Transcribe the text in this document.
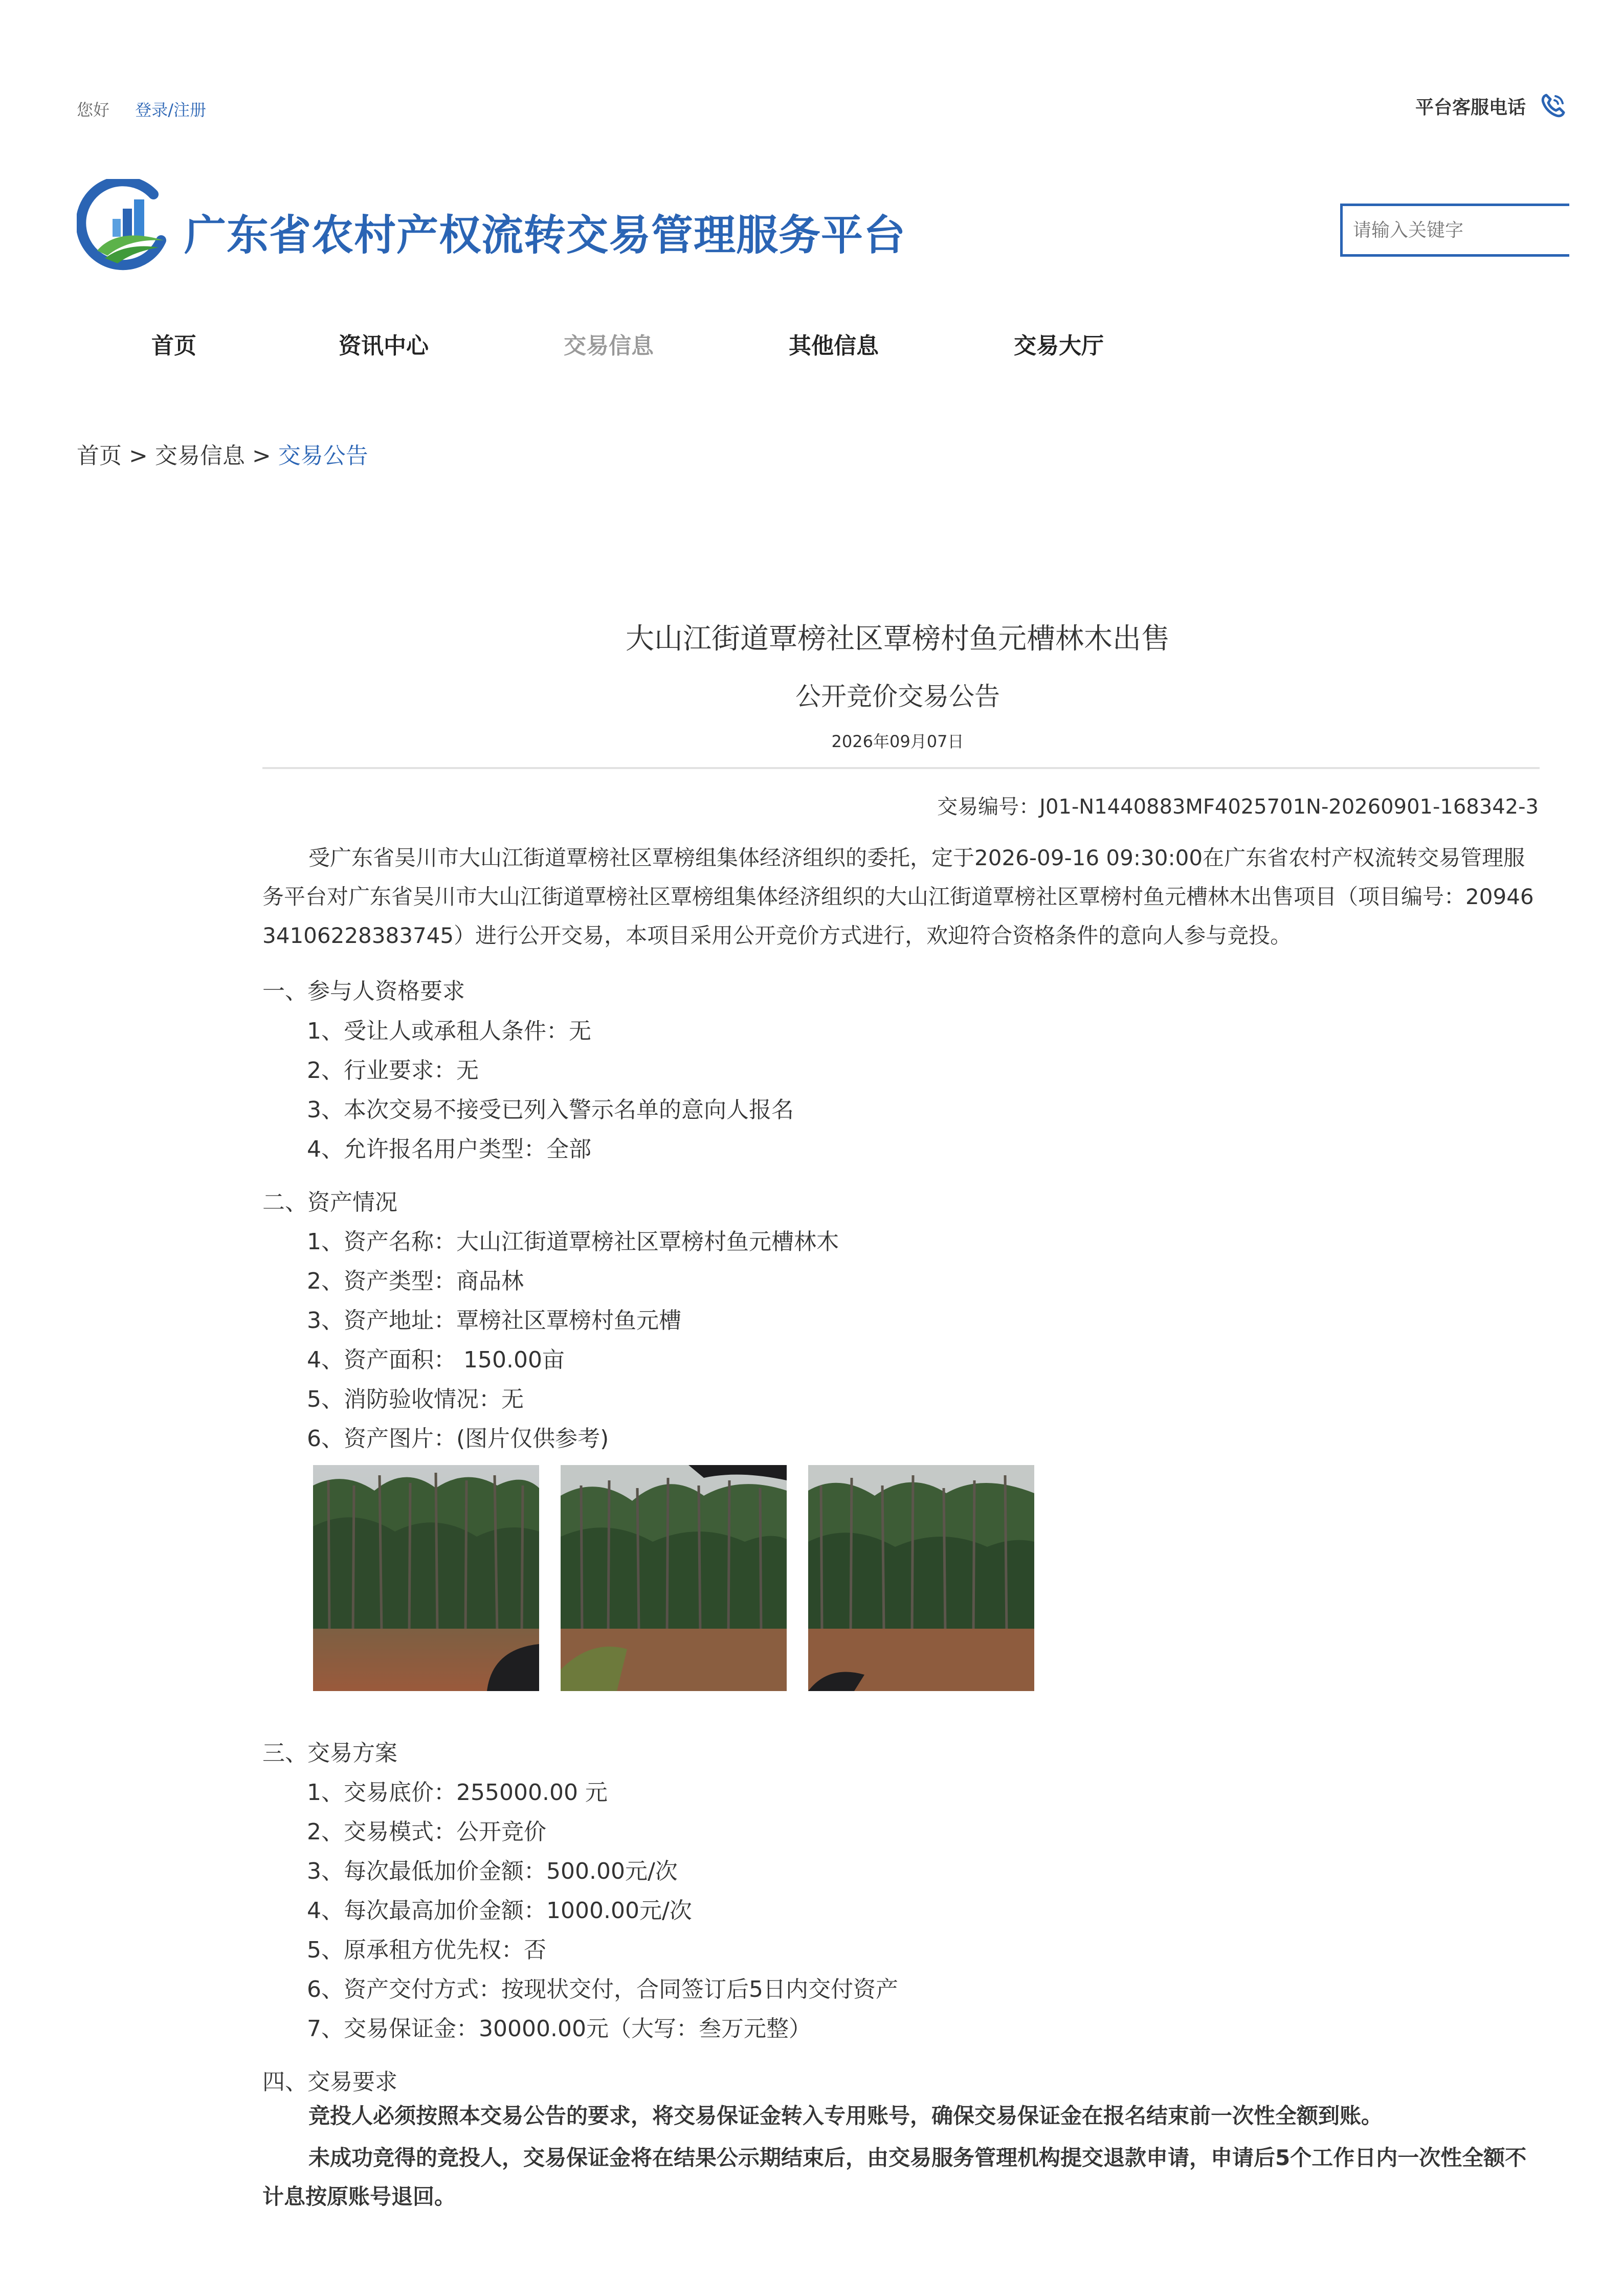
您好 登录/注册	平台客服电话
广东省农村产权流转交易管理服务平台
请输入关键字
首页	资讯中心	交易信息	其他信息	交易大厅
首页 > 交易信息 > 交易公告
大山江街道覃榜社区覃榜村鱼元槽林木出售
公开竞价交易公告
2026年09月07日
交易编号：J01-N1440883MF4025701N-20260901-168342-3
受广东省吴川市大山江街道覃榜社区覃榜组集体经济组织的委托，定于2026-09-16 09:30:00在广东省农村产权流转交易管理服务平台对广东省吴川市大山江街道覃榜社区覃榜组集体经济组织的大山江街道覃榜社区覃榜村鱼元槽林木出售项目（项目编号：2094634106228383745）进行公开交易，本项目采用公开竞价方式进行，欢迎符合资格条件的意向人参与竞投。
一、参与人资格要求
1、受让人或承租人条件：无
2、行业要求：无
3、本次交易不接受已列入警示名单的意向人报名
4、允许报名用户类型：全部
二、资产情况
1、资产名称：大山江街道覃榜社区覃榜村鱼元槽林木
2、资产类型：商品林
3、资产地址：覃榜社区覃榜村鱼元槽
4、资产面积： 150.00亩
5、消防验收情况：无
6、资产图片：(图片仅供参考)
三、交易方案
1、交易底价：255000.00 元
2、交易模式：公开竞价
3、每次最低加价金额：500.00元/次
4、每次最高加价金额：1000.00元/次
5、原承租方优先权：否
6、资产交付方式：按现状交付，合同签订后5日内交付资产
7、交易保证金：30000.00元（大写：叁万元整）
四、交易要求
竞投人必须按照本交易公告的要求，将交易保证金转入专用账号，确保交易保证金在报名结束前一次性全额到账。
未成功竞得的竞投人，交易保证金将在结果公示期结束后，由交易服务管理机构提交退款申请，申请后5个工作日内一次性全额不计息按原账号退回。
